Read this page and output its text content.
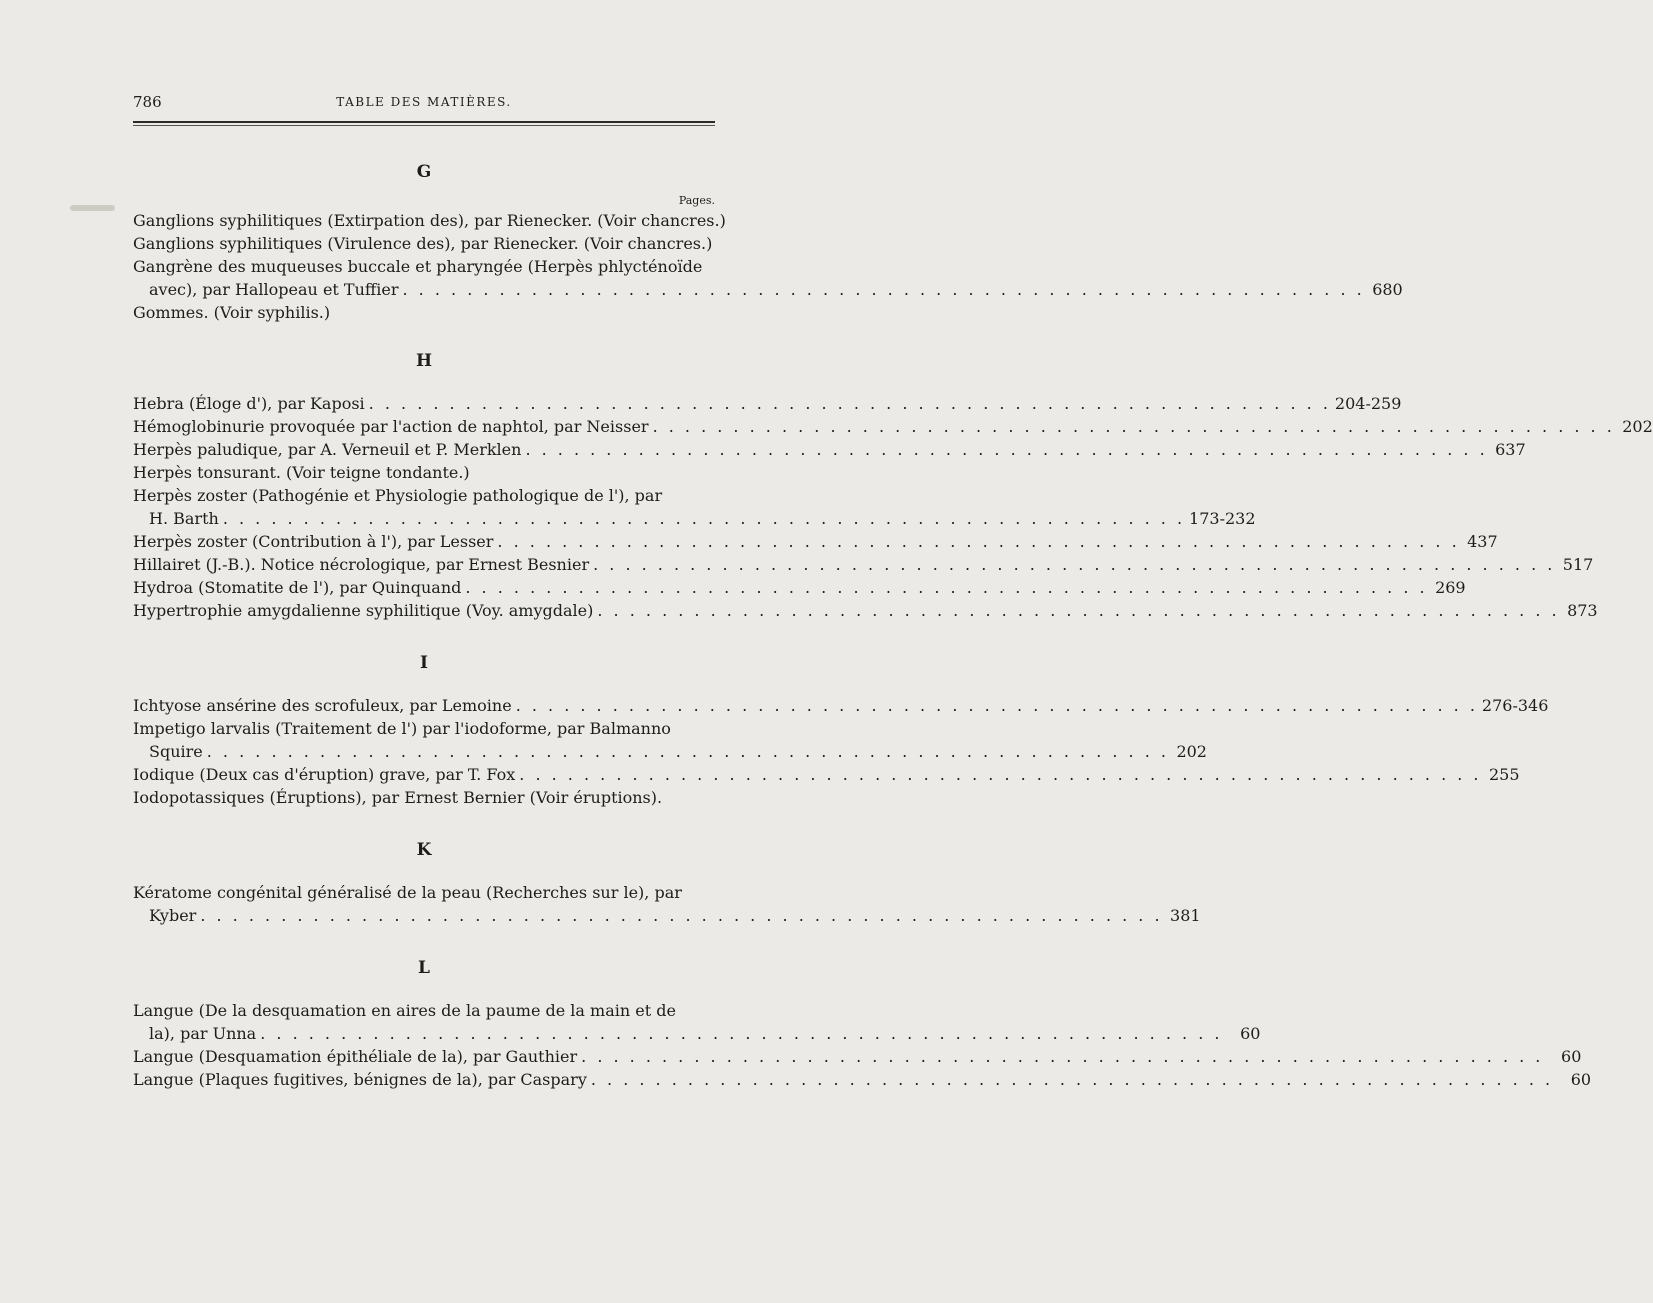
786	TABLE DES MATIÈRES.
G
Pages.
Ganglions syphilitiques (Extirpation des), par Rienecker. (Voir chancres.)
Ganglions syphilitiques (Virulence des), par Rienecker. (Voir chancres.)
Gangrène des muqueuses buccale et pharyngée (Herpès phlycténoïde
avec), par Hallopeau et Tuffier . . . . . . . . . . . . . . . . . . . . . . . . . . . . . . . . . . . . . . . . . . . . . . . . . . . . . . . . . . . . 680
Gommes. (Voir syphilis.)
H
Hebra (Éloge d'), par Kaposi . . . . . . . . . . . . . . . . . . . . . . . . . . . . . . . . . . . . . . . . . . . . . . . . . . . . . . . . . . . . 204-259
Hémoglobinurie provoquée par l'action de naphtol, par Neisser . . . . . . . . . . . . . . . . . . . . . . . . . . . . . . . . . . . . . . . . . . . . . . . . . . . . . . . . . . . . 202
Herpès paludique, par A. Verneuil et P. Merklen . . . . . . . . . . . . . . . . . . . . . . . . . . . . . . . . . . . . . . . . . . . . . . . . . . . . . . . . . . . . 637
Herpès tonsurant. (Voir teigne tondante.)
Herpès zoster (Pathogénie et Physiologie pathologique de l'), par
H. Barth . . . . . . . . . . . . . . . . . . . . . . . . . . . . . . . . . . . . . . . . . . . . . . . . . . . . . . . . . . . . 173-232
Herpès zoster (Contribution à l'), par Lesser . . . . . . . . . . . . . . . . . . . . . . . . . . . . . . . . . . . . . . . . . . . . . . . . . . . . . . . . . . . . 437
Hillairet (J.-B.). Notice nécrologique, par Ernest Besnier . . . . . . . . . . . . . . . . . . . . . . . . . . . . . . . . . . . . . . . . . . . . . . . . . . . . . . . . . . . . 517
Hydroa (Stomatite de l'), par Quinquand . . . . . . . . . . . . . . . . . . . . . . . . . . . . . . . . . . . . . . . . . . . . . . . . . . . . . . . . . . . . 269
Hypertrophie amygdalienne syphilitique (Voy. amygdale) . . . . . . . . . . . . . . . . . . . . . . . . . . . . . . . . . . . . . . . . . . . . . . . . . . . . . . . . . . . . 873
I
Ichtyose ansérine des scrofuleux, par Lemoine . . . . . . . . . . . . . . . . . . . . . . . . . . . . . . . . . . . . . . . . . . . . . . . . . . . . . . . . . . . . 276-346
Impetigo larvalis (Traitement de l') par l'iodoforme, par Balmanno
Squire . . . . . . . . . . . . . . . . . . . . . . . . . . . . . . . . . . . . . . . . . . . . . . . . . . . . . . . . . . . . 202
Iodique (Deux cas d'éruption) grave, par T. Fox . . . . . . . . . . . . . . . . . . . . . . . . . . . . . . . . . . . . . . . . . . . . . . . . . . . . . . . . . . . . 255
Iodopotassiques (Éruptions), par Ernest Bernier (Voir éruptions).
K
Kératome congénital généralisé de la peau (Recherches sur le), par
Kyber . . . . . . . . . . . . . . . . . . . . . . . . . . . . . . . . . . . . . . . . . . . . . . . . . . . . . . . . . . . . 381
L
Langue (De la desquamation en aires de la paume de la main et de
la), par Unna . . . . . . . . . . . . . . . . . . . . . . . . . . . . . . . . . . . . . . . . . . . . . . . . . . . . . . . . . . . .	60
Langue (Desquamation épithéliale de la), par Gauthier . . . . . . . . . . . . . . . . . . . . . . . . . . . . . . . . . . . . . . . . . . . . . . . . . . . . . . . . . . . .	60
Langue (Plaques fugitives, bénignes de la), par Caspary . . . . . . . . . . . . . . . . . . . . . . . . . . . . . . . . . . . . . . . . . . . . . . . . . . . . . . . . . . . .	60
